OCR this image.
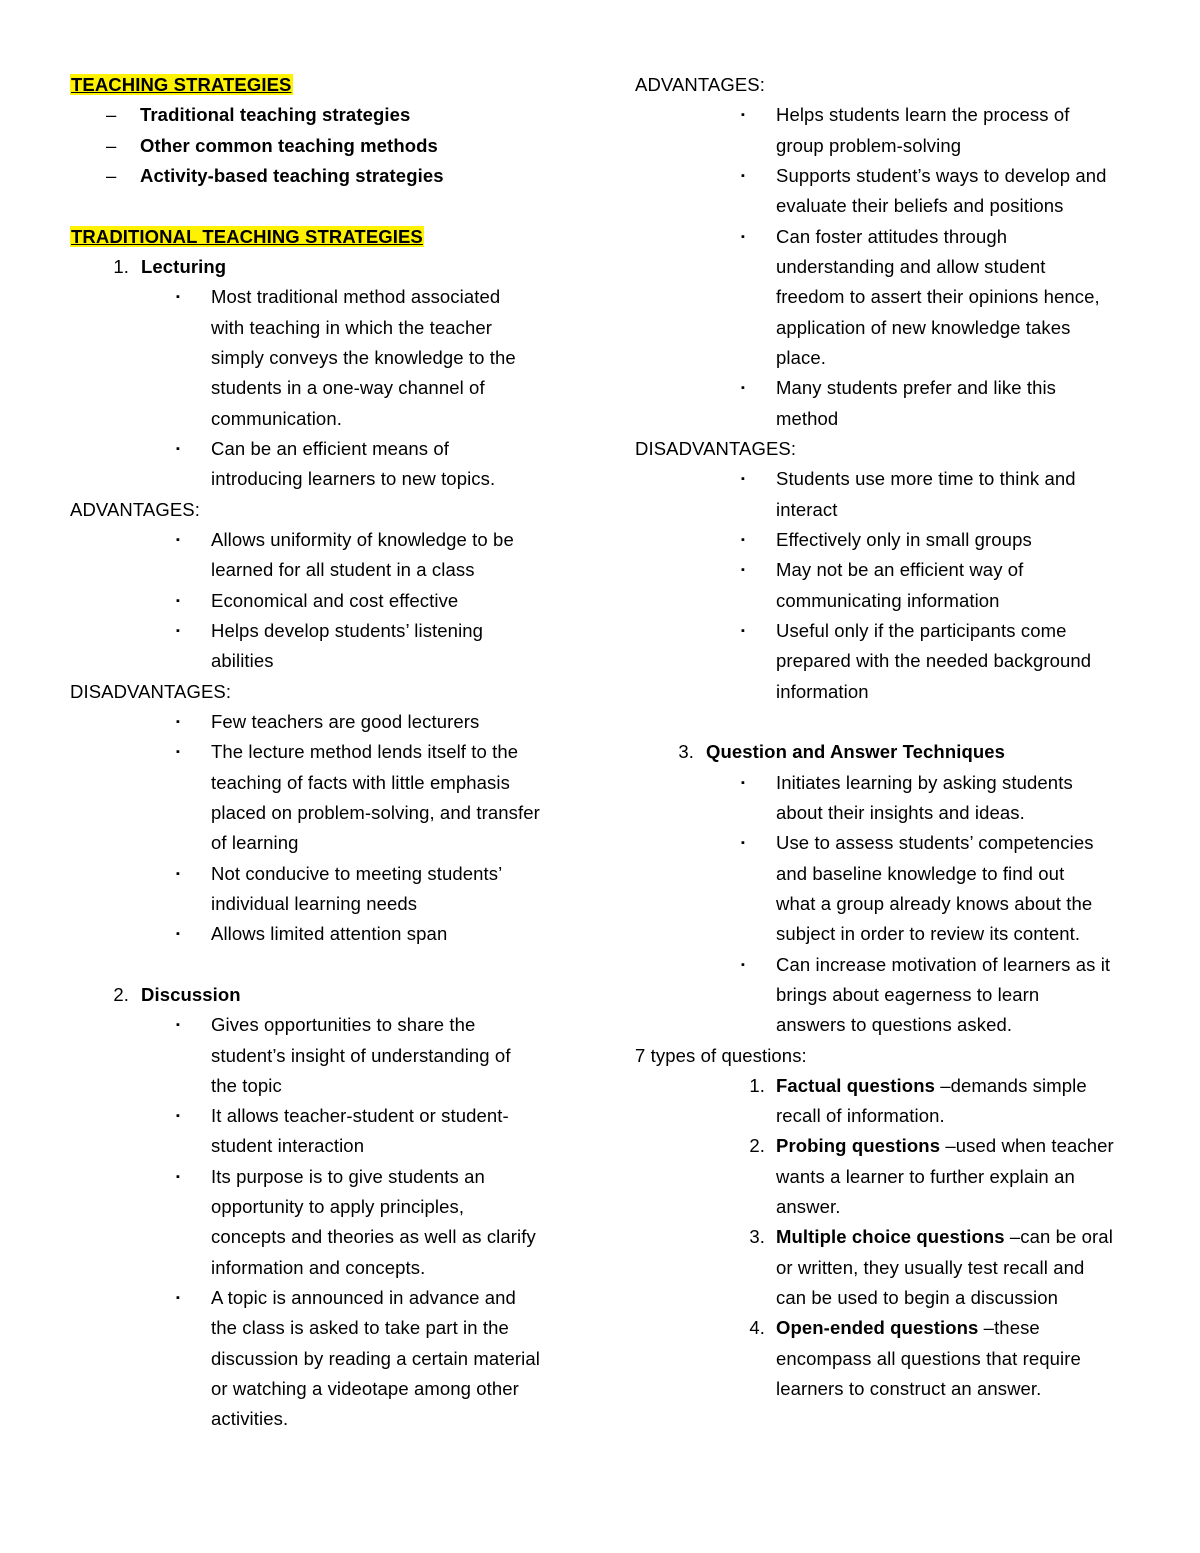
TEACHING STRATEGIES
– Traditional teaching strategies
– Other common teaching methods
– Activity-based teaching strategies
TRADITIONAL TEACHING STRATEGIES
1. Lecturing
▪ Most traditional method associated
with teaching in which the teacher
simply conveys the knowledge to the
students in a one-way channel of
communication.
▪ Can be an efficient means of
introducing learners to new topics.
ADVANTAGES:
▪ Allows uniformity of knowledge to be
learned for all student in a class
▪ Economical and cost effective
▪ Helps develop students’ listening
abilities
DISADVANTAGES:
▪ Few teachers are good lecturers
▪ The lecture method lends itself to the
teaching of facts with little emphasis
placed on problem-solving, and transfer
of learning
▪ Not conducive to meeting students’
individual learning needs
▪ Allows limited attention span
2. Discussion
▪ Gives opportunities to share the
student’s insight of understanding of
the topic
▪ It allows teacher-student or student-
student interaction
▪ Its purpose is to give students an
opportunity to apply principles,
concepts and theories as well as clarify
information and concepts.
▪ A topic is announced in advance and
the class is asked to take part in the
discussion by reading a certain material
or watching a videotape among other
activities.
ADVANTAGES:
▪ Helps students learn the process of
group problem-solving
▪ Supports student’s ways to develop and
evaluate their beliefs and positions
▪ Can foster attitudes through
understanding and allow student
freedom to assert their opinions hence,
application of new knowledge takes
place.
▪ Many students prefer and like this
method
DISADVANTAGES:
▪ Students use more time to think and
interact
▪ Effectively only in small groups
▪ May not be an efficient way of
communicating information
▪ Useful only if the participants come
prepared with the needed background
information
3. Question and Answer Techniques
▪ Initiates learning by asking students
about their insights and ideas.
▪ Use to assess students’ competencies
and baseline knowledge to find out
what a group already knows about the
subject in order to review its content.
▪ Can increase motivation of learners as it
brings about eagerness to learn
answers to questions asked.
7 types of questions:
1. Factual questions –demands simple
recall of information.
2. Probing questions –used when teacher
wants a learner to further explain an
answer.
3. Multiple choice questions –can be oral
or written, they usually test recall and
can be used to begin a discussion
4. Open-ended questions –these
encompass all questions that require
learners to construct an answer.
